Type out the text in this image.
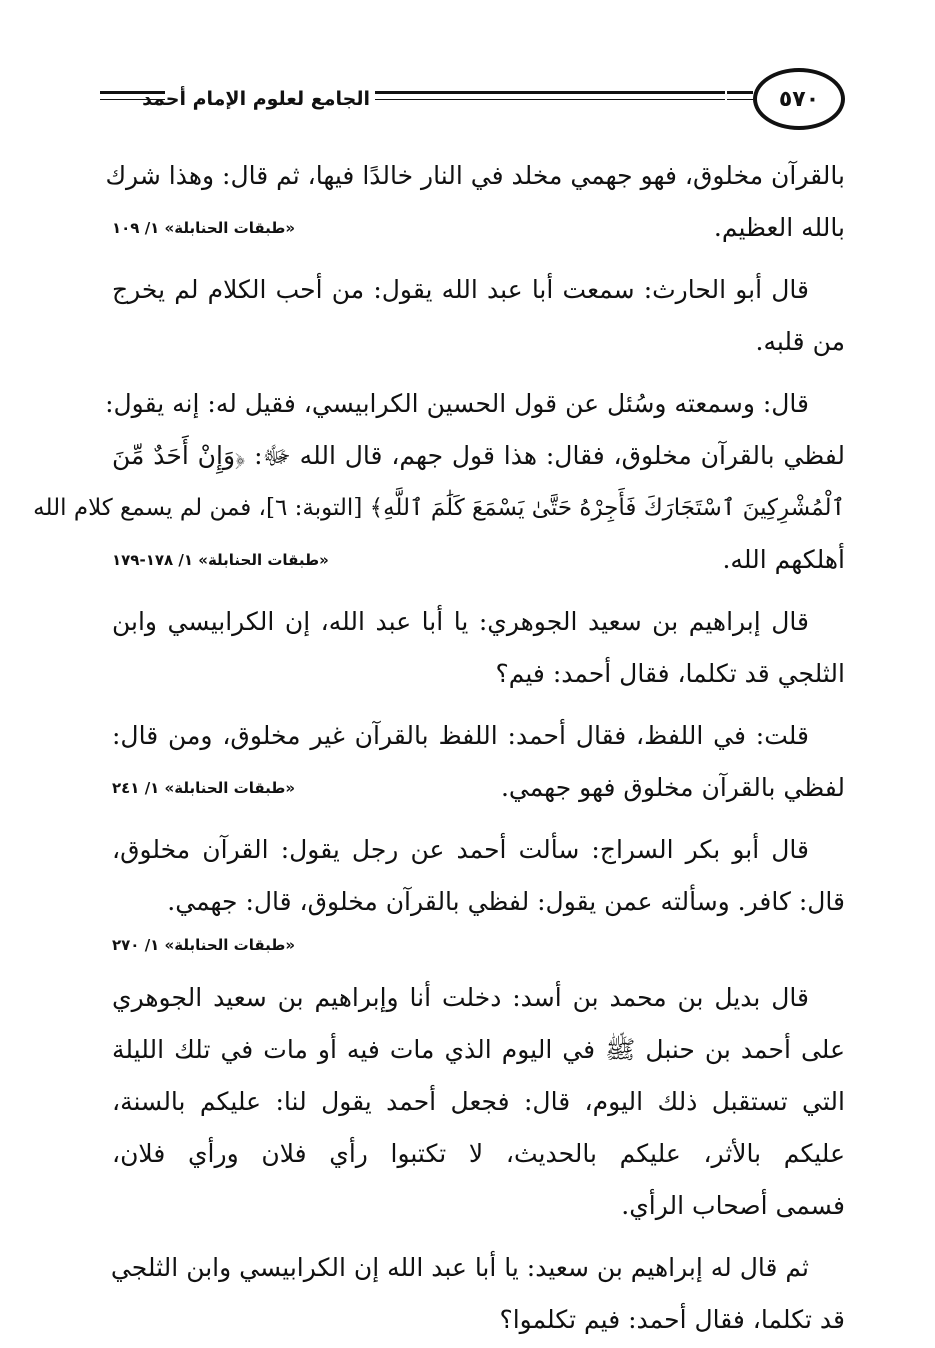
٥٧٠
الجامع لعلوم الإمام أحمد
بالقرآن مخلوق، فهو جهمي مخلد في النار خالدًا فيها، ثم قال: وهذا شرك
بالله العظيم.
«طبقات الحنابلة» ١/ ١٠٩
قال أبو الحارث: سمعت أبا عبد الله يقول: من أحب الكلام لم يخرج
من قلبه.
قال: وسمعته وسُئل عن قول الحسين الكرابيسي، فقيل له: إنه يقول:
لفظي بالقرآن مخلوق، فقال: هذا قول جهم، قال الله ﷻ: ﴿وَإِنْ أَحَدٌ مِّنَ
ٱلْمُشْرِكِينَ ٱسْتَجَارَكَ فَأَجِرْهُ حَتَّىٰ يَسْمَعَ كَلَٰمَ ٱللَّهِ﴾ [التوبة: ٦]، فمن لم يسمع كلام الله
أهلكهم الله.
«طبقات الحنابلة» ١/ ١٧٨-١٧٩
قال إبراهيم بن سعيد الجوهري: يا أبا عبد الله، إن الكرابيسي وابن
الثلجي قد تكلما، فقال أحمد: فيم؟
قلت: في اللفظ، فقال أحمد: اللفظ بالقرآن غير مخلوق، ومن قال:
لفظي بالقرآن مخلوق فهو جهمي.
«طبقات الحنابلة» ١/ ٢٤١
قال أبو بكر السراج: سألت أحمد عن رجل يقول: القرآن مخلوق،
قال: كافر. وسألته عمن يقول: لفظي بالقرآن مخلوق، قال: جهمي.
«طبقات الحنابلة» ١/ ٢٧٠
قال بديل بن محمد بن أسد: دخلت أنا وإبراهيم بن سعيد الجوهري
على أحمد بن حنبل ﷺ في اليوم الذي مات فيه أو مات في تلك الليلة
التي تستقبل ذلك اليوم، قال: فجعل أحمد يقول لنا: عليكم بالسنة،
عليكم بالأثر، عليكم بالحديث، لا تكتبوا رأي فلان ورأي فلان،
فسمى أصحاب الرأي.
ثم قال له إبراهيم بن سعيد: يا أبا عبد الله إن الكرابيسي وابن الثلجي
قد تكلما، فقال أحمد: فيم تكلموا؟
